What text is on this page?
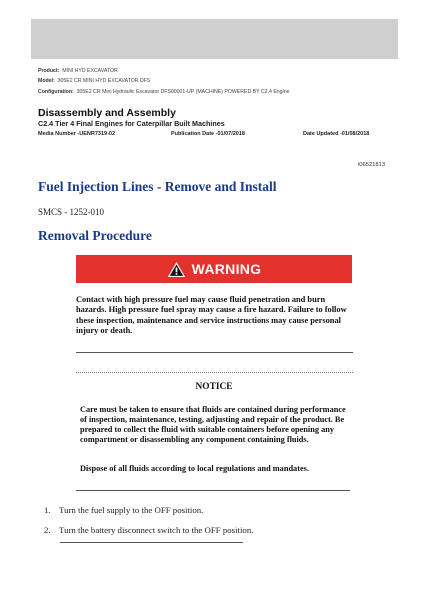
Product: MINI HYD EXCAVATOR
Model: 305E2 CR MINI HYD EXCAVATOR DFS
Configuration: 305E2 CR Mini Hydraulic Excavator DFS00001-UP (MACHINE) POWERED BY C2.4 Engine
Disassembly and Assembly
C2.4 Tier 4 Final Engines for Caterpillar Built Machines
Media Number -UENR7319-02	Publication Date -01/07/2018	Date Updated -01/08/2018
i06521813
Fuel Injection Lines - Remove and Install
SMCS - 1252-010
Removal Procedure
WARNING
Contact with high pressure fuel may cause fluid penetration and burn hazards. High pressure fuel spray may cause a fire hazard. Failure to follow these inspection, maintenance and service instructions may cause personal injury or death.
NOTICE
Care must be taken to ensure that fluids are contained during performance of inspection, maintenance, testing, adjusting and repair of the product. Be prepared to collect the fluid with suitable containers before opening any compartment or disassembling any component containing fluids.
Dispose of all fluids according to local regulations and mandates.
1. Turn the fuel supply to the OFF position.
2. Turn the battery disconnect switch to the OFF position.
